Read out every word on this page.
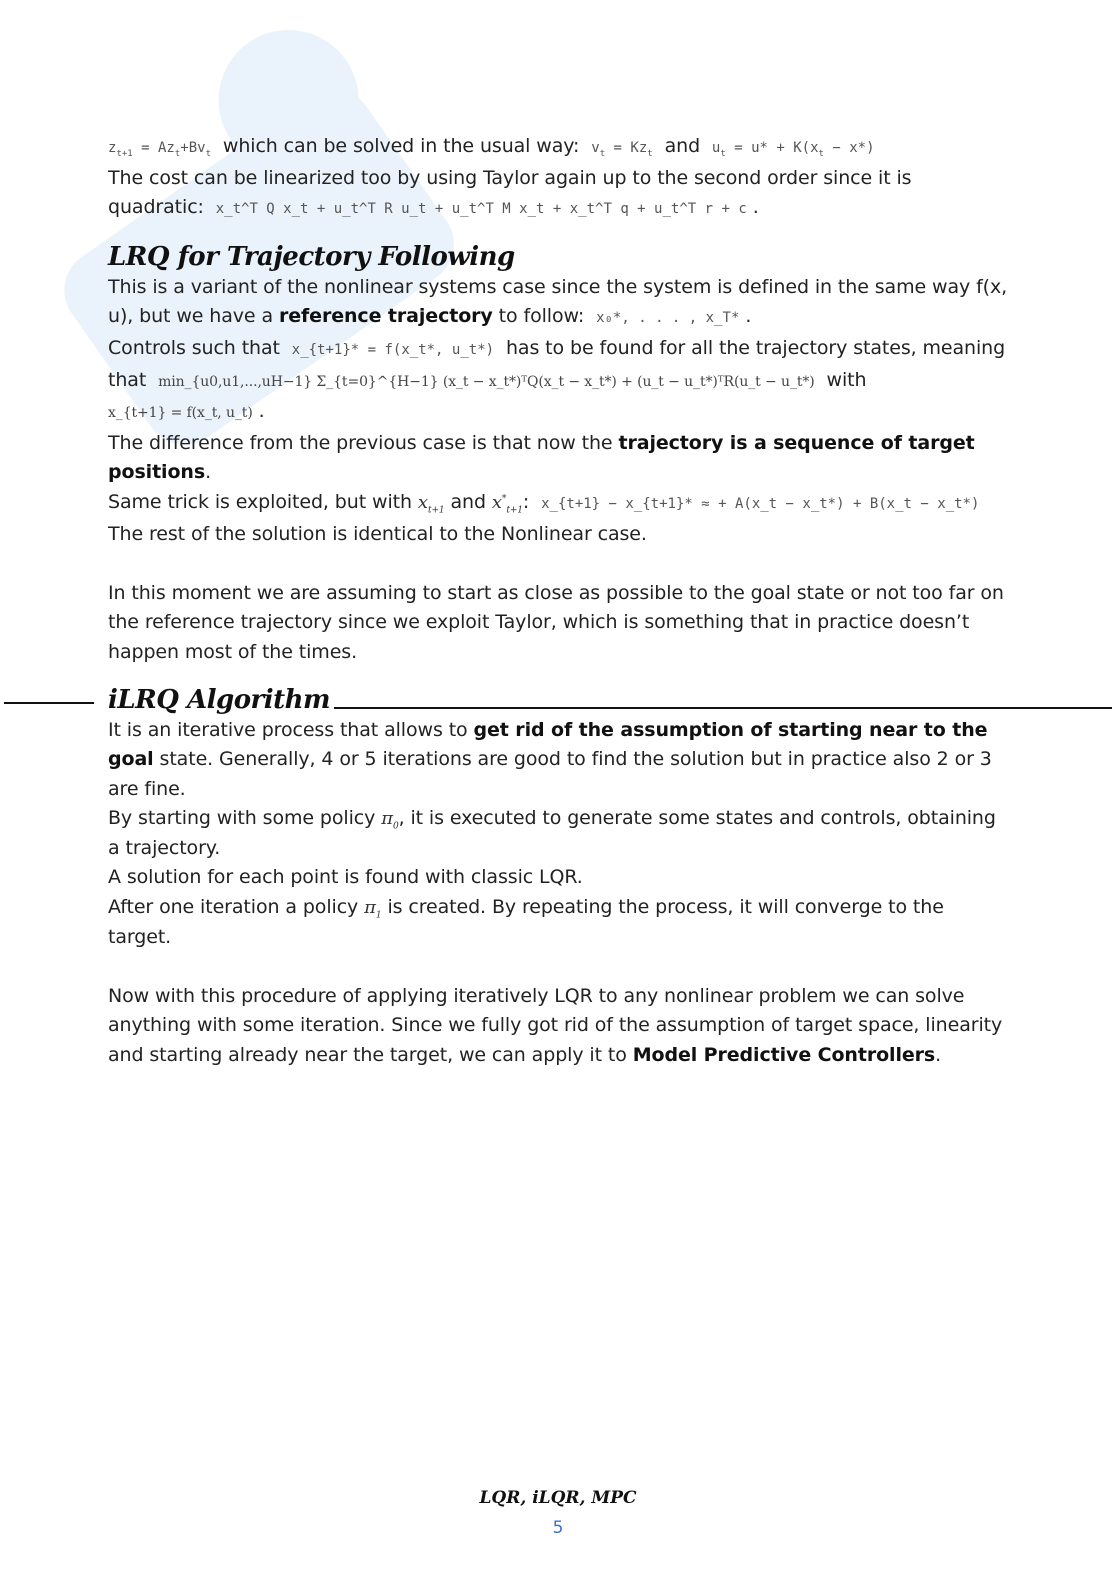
$z_{t+1} = Az_t+Bv_t$ which can be solved in the usual way: $v_t = Kz_t$ and $u_t = u* + K(x_t - x*)$

The cost can be linearized too by using Taylor again up to the second order since it is quadratic: x_t^T Q x_t + u_t^T R u_t + u_t^T M x_t + x_t^T q + u_t^T r + c .

LRQ for Trajectory Following

This is a variant of the nonlinear systems case since the system is defined in the same way f(x, u), but we have a reference trajectory to follow: x₀*, . . . , x_T* .

Controls such that x_{t+1}* = f(x_t*, u_t*) has to be found for all the trajectory states, meaning that min_{u0,u1,...,uH−1} Σ_{t=0}^{H−1} (x_t − x_t*)ᵀQ(x_t − x_t*) + (u_t − u_t*)ᵀR(u_t − u_t*) with  x_{t+1} = f(x_t, u_t) .

The difference from the previous case is that now the trajectory is a sequence of target positions.

Same trick is exploited, but with $x_{t+1}$ and $x^*_{t+1}$:  x_{t+1} − x_{t+1}* ≈ + A(x_t − x_t*) + B(x_t − x_t*)

The rest of the solution is identical to the Nonlinear case.

In this moment we are assuming to start as close as possible to the goal state or not too far on the reference trajectory since we exploit Taylor, which is something that in practice doesn’t happen most of the times.

iLRQ Algorithm

It is an iterative process that allows to get rid of the assumption of starting near to the goal state. Generally, 4 or 5 iterations are good to find the solution but in practice also 2 or 3 are fine.

By starting with some policy $\pi_0$, it is executed to generate some states and controls, obtaining a trajectory.

A solution for each point is found with classic LQR.

After one iteration a policy $\pi_1$ is created. By repeating the process, it will converge to the target.

Now with this procedure of applying iteratively LQR to any nonlinear problem we can solve anything with some iteration. Since we fully got rid of the assumption of target space, linearity and starting already near the target, we can apply it to Model Predictive Controllers.

LQR, iLQR, MPC
5
